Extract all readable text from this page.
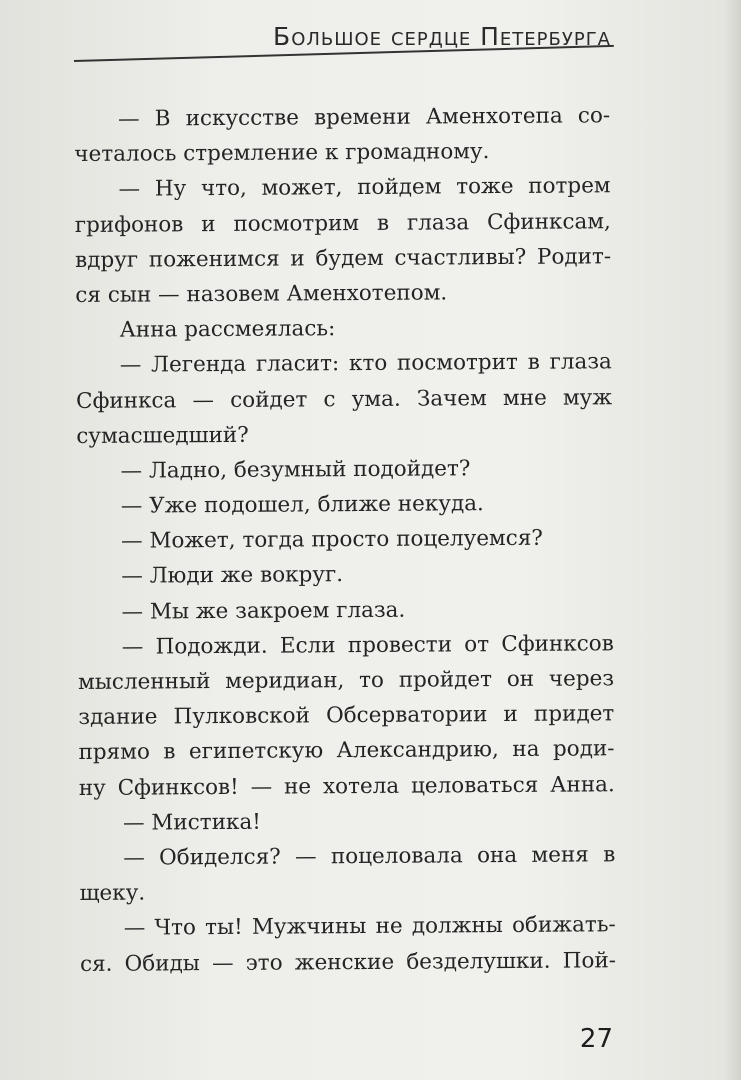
Большое сердце Петербурга
— В искусстве времени Аменхотепа со-
четалось стремление к громадному.
— Ну что, может, пойдем тоже потрем
грифонов и посмотрим в глаза Сфинксам,
вдруг поженимся и будем счастливы? Родит-
ся сын — назовем Аменхотепом.
Анна рассмеялась:
— Легенда гласит: кто посмотрит в глаза
Сфинкса — сойдет с ума. Зачем мне муж
сумасшедший?
— Ладно, безумный подойдет?
— Уже подошел, ближе некуда.
— Может, тогда просто поцелуемся?
— Люди же вокруг.
— Мы же закроем глаза.
— Подожди. Если провести от Сфинксов
мысленный меридиан, то пройдет он через
здание Пулковской Обсерватории и придет
прямо в египетскую Александрию, на роди-
ну Сфинксов! — не хотела целоваться Анна.
— Мистика!
— Обиделся? — поцеловала она меня в
щеку.
— Что ты! Мужчины не должны обижать-
ся. Обиды — это женские безделушки. Пой-
27
